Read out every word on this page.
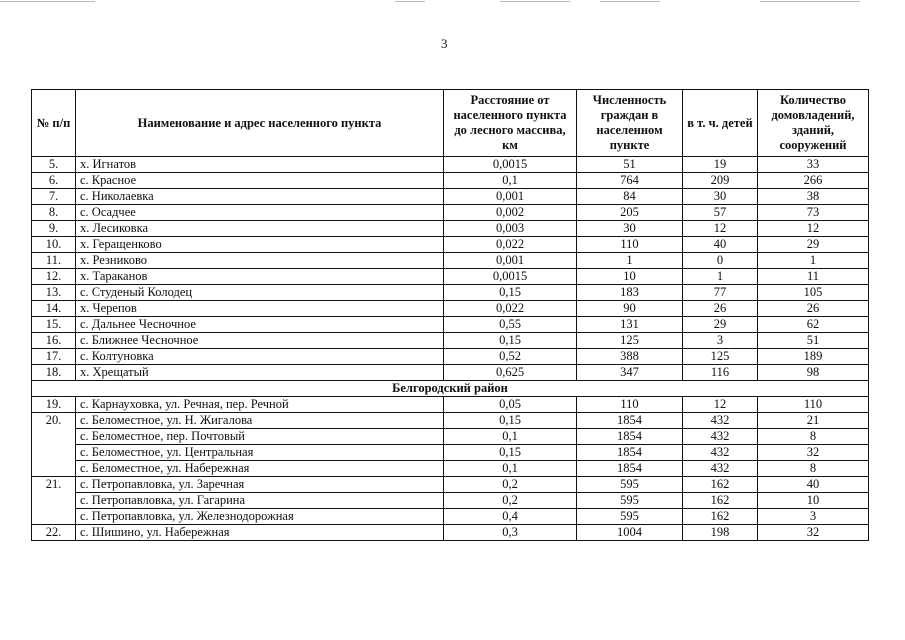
3
№ п/п	Наименование и адрес населенного пункта	Расстояние от населенного пункта до лесного массива, км	Численность граждан в населенном пункте	в т. ч. детей	Количество домовладений, зданий, сооружений
5.	х. Игнатов	0,0015	51	19	33
6.	с. Красное	0,1	764	209	266
7.	с. Николаевка	0,001	84	30	38
8.	с. Осадчее	0,002	205	57	73
9.	х. Лесиковка	0,003	30	12	12
10.	х. Геращенково	0,022	110	40	29
11.	х. Резниково	0,001	1	0	1
12.	х. Тараканов	0,0015	10	1	11
13.	с. Студеный Колодец	0,15	183	77	105
14.	х. Черепов	0,022	90	26	26
15.	с. Дальнее Чесночное	0,55	131	29	62
16.	с. Ближнее Чесночное	0,15	125	3	51
17.	с. Колтуновка	0,52	388	125	189
18.	х. Хрещатый	0,625	347	116	98
Белгородский район					
19.	с. Карнауховка, ул. Речная, пер. Речной	0,05	110	12	110
20.	с. Беломестное, ул. Н. Жигалова	0,15	1854	432	21
	с. Беломестное, пер. Почтовый	0,1	1854	432	8
	с. Беломестное, ул. Центральная	0,15	1854	432	32
	с. Беломестное, ул. Набережная	0,1	1854	432	8
21.	с. Петропавловка, ул. Заречная	0,2	595	162	40
	с. Петропавловка, ул. Гагарина	0,2	595	162	10
	с. Петропавловка, ул. Железнодорожная	0,4	595	162	3
22.	с. Шишино, ул. Набережная	0,3	1004	198	32
